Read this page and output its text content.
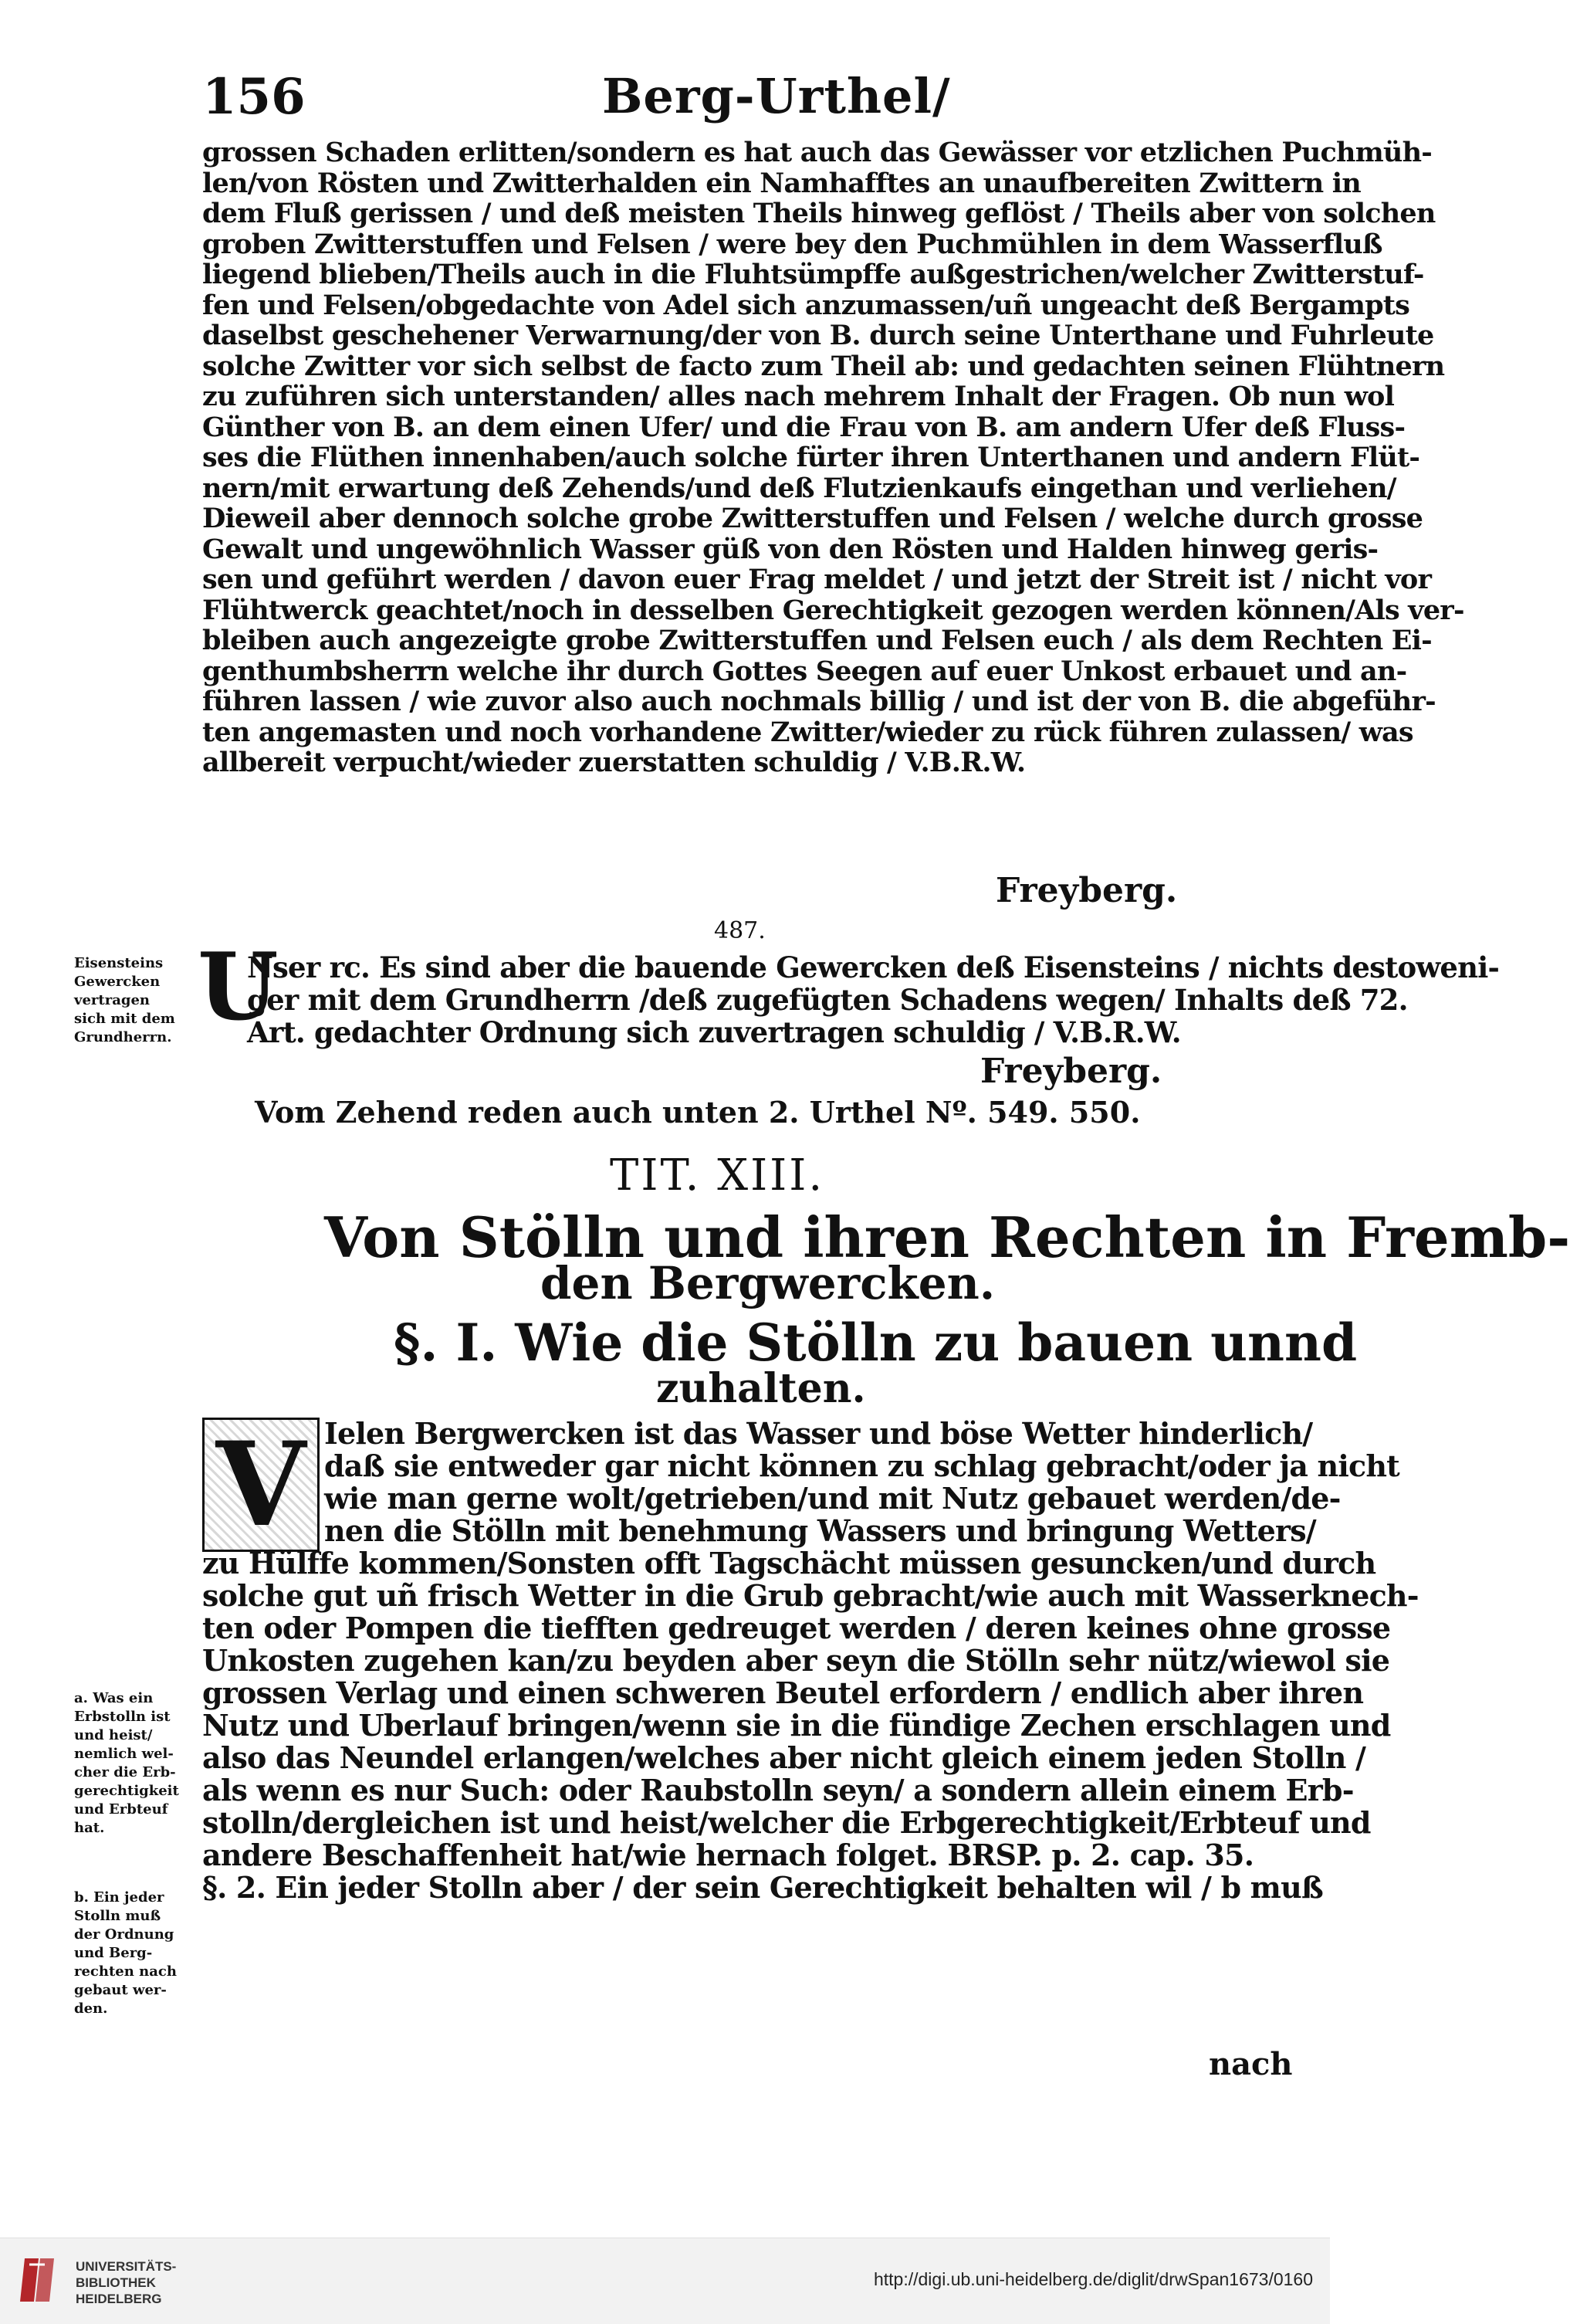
156	Berg-Urthel/
grossen Schaden erlitten/sondern es hat auch das Gewässer vor etzlichen Puchmüh-
len/von Rösten und Zwitterhalden ein Namhafftes an unaufbereiten Zwittern in
dem Fluß gerissen / und deß meisten Theils hinweg geflöst / Theils aber von solchen
groben Zwitterstuffen und Felsen / were bey den Puchmühlen in dem Wasserfluß
liegend blieben/Theils auch in die Fluhtsümpffe außgestrichen/welcher Zwitterstuf-
fen und Felsen/obgedachte von Adel sich anzumassen/uñ ungeacht deß Bergampts
daselbst geschehener Verwarnung/der von B. durch seine Unterthane und Fuhrleute
solche Zwitter vor sich selbst de facto zum Theil ab: und gedachten seinen Flühtnern
zu zuführen sich unterstanden/ alles nach mehrem Inhalt der Fragen. Ob nun wol
Günther von B. an dem einen Ufer/ und die Frau von B. am andern Ufer deß Fluss-
ses die Flüthen innenhaben/auch solche fürter ihren Unterthanen und andern Flüt-
nern/mit erwartung deß Zehends/und deß Flutzienkaufs eingethan und verliehen/
Dieweil aber dennoch solche grobe Zwitterstuffen und Felsen / welche durch grosse
Gewalt und ungewöhnlich Wasser güß von den Rösten und Halden hinweg geris-
sen und geführt werden / davon euer Frag meldet / und jetzt der Streit ist / nicht vor
Flühtwerck geachtet/noch in desselben Gerechtigkeit gezogen werden können/Als ver-
bleiben auch angezeigte grobe Zwitterstuffen und Felsen euch / als dem Rechten Ei-
genthumbsherrn welche ihr durch Gottes Seegen auf euer Unkost erbauet und an-
führen lassen / wie zuvor also auch nochmals billig / und ist der von B. die abgeführ-
ten angemasten und noch vorhandene Zwitter/wieder zu rück führen zulassen/ was
allbereit verpucht/wieder zuerstatten schuldig / V.B.R.W.
Freyberg.
487.
Eisensteins
Gewercken
vertragen
sich mit dem
Grundherrn. U
Nser rc. Es sind aber die bauende Gewercken deß Eisensteins / nichts destoweni-
ger mit dem Grundherrn /deß zugefügten Schadens wegen/ Inhalts deß 72.
Art. gedachter Ordnung sich zuvertragen schuldig / V.B.R.W.
Freyberg.
Vom Zehend reden auch unten 2. Urthel Nº. 549. 550.
TIT. XIII.
Von Stölln und ihren Rechten in Fremb-
den Bergwercken.
§. I. Wie die Stölln zu bauen unnd
zuhalten.
V Ielen Bergwercken ist das Wasser und böse Wetter hinderlich/
daß sie entweder gar nicht können zu schlag gebracht/oder ja nicht
wie man gerne wolt/getrieben/und mit Nutz gebauet werden/de-
nen die Stölln mit benehmung Wassers und bringung Wetters/
zu Hülffe kommen/Sonsten offt Tagschächt müssen gesuncken/und durch
solche gut uñ frisch Wetter in die Grub gebracht/wie auch mit Wasserknech-
ten oder Pompen die tiefften gedreuget werden / deren keines ohne grosse
Unkosten zugehen kan/zu beyden aber seyn die Stölln sehr nütz/wiewol sie
grossen Verlag und einen schweren Beutel erfordern / endlich aber ihren
Nutz und Uberlauf bringen/wenn sie in die fündige Zechen erschlagen und
also das Neundel erlangen/welches aber nicht gleich einem jeden Stolln /
als wenn es nur Such: oder Raubstolln seyn/ a sondern allein einem Erb-
stolln/dergleichen ist und heist/welcher die Erbgerechtigkeit/Erbteuf und
andere Beschaffenheit hat/wie hernach folget. BRSP. p. 2. cap. 35.
§. 2. Ein jeder Stolln aber / der sein Gerechtigkeit behalten wil / b muß
a. Was ein
Erbstolln ist
und heist/
nemlich wel-
cher die Erb-
gerechtigkeit
und Erbteuf
hat.
b. Ein jeder
Stolln muß
der Ordnung
und Berg-
rechten nach
gebaut wer-
den.
nach
UNIVERSITÄTS-
BIBLIOTHEK
HEIDELBERG
http://digi.ub.uni-heidelberg.de/diglit/drwSpan1673/0160
